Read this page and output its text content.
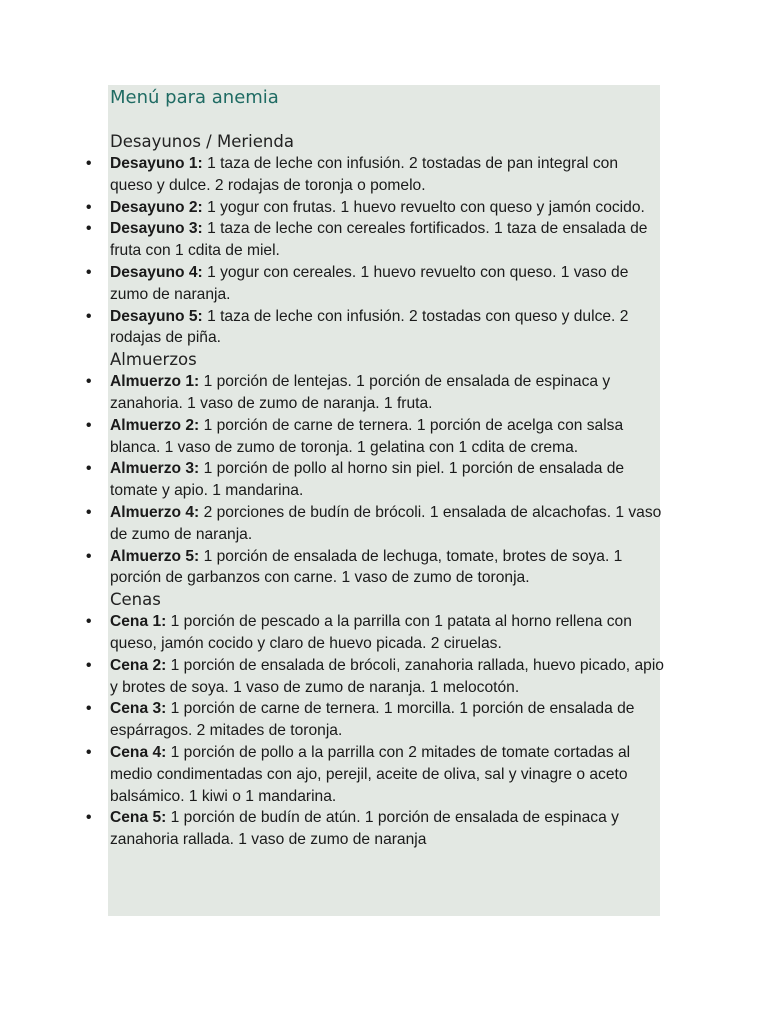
Menú para anemia
Desayunos / Merienda
• Desayuno 1: 1 taza de leche con infusión. 2 tostadas de pan integral con queso y dulce. 2 rodajas de toronja o pomelo.
• Desayuno 2: 1 yogur con frutas. 1 huevo revuelto con queso y jamón cocido.
• Desayuno 3: 1 taza de leche con cereales fortificados. 1 taza de ensalada de fruta con 1 cdita de miel.
• Desayuno 4: 1 yogur con cereales. 1 huevo revuelto con queso. 1 vaso de zumo de naranja.
• Desayuno 5: 1 taza de leche con infusión. 2 tostadas con queso y dulce. 2 rodajas de piña.
Almuerzos
• Almuerzo 1: 1 porción de lentejas. 1 porción de ensalada de espinaca y zanahoria. 1 vaso de zumo de naranja. 1 fruta.
• Almuerzo 2: 1 porción de carne de ternera. 1 porción de acelga con salsa blanca. 1 vaso de zumo de toronja. 1 gelatina con 1 cdita de crema.
• Almuerzo 3: 1 porción de pollo al horno sin piel. 1 porción de ensalada de tomate y apio. 1 mandarina.
• Almuerzo 4: 2 porciones de budín de brócoli. 1 ensalada de alcachofas. 1 vaso de zumo de naranja.
• Almuerzo 5: 1 porción de ensalada de lechuga, tomate, brotes de soya. 1 porción de garbanzos con carne. 1 vaso de zumo de toronja.
Cenas
• Cena 1: 1 porción de pescado a la parrilla con 1 patata al horno rellena con queso, jamón cocido y claro de huevo picada. 2 ciruelas.
• Cena 2: 1 porción de ensalada de brócoli, zanahoria rallada, huevo picado, apio y brotes de soya. 1 vaso de zumo de naranja. 1 melocotón.
• Cena 3: 1 porción de carne de ternera. 1 morcilla. 1 porción de ensalada de espárragos. 2 mitades de toronja.
• Cena 4: 1 porción de pollo a la parrilla con 2 mitades de tomate cortadas al medio condimentadas con ajo, perejil, aceite de oliva, sal y vinagre o aceto balsámico. 1 kiwi o 1 mandarina.
• Cena 5: 1 porción de budín de atún. 1 porción de ensalada de espinaca y zanahoria rallada. 1 vaso de zumo de naranja
